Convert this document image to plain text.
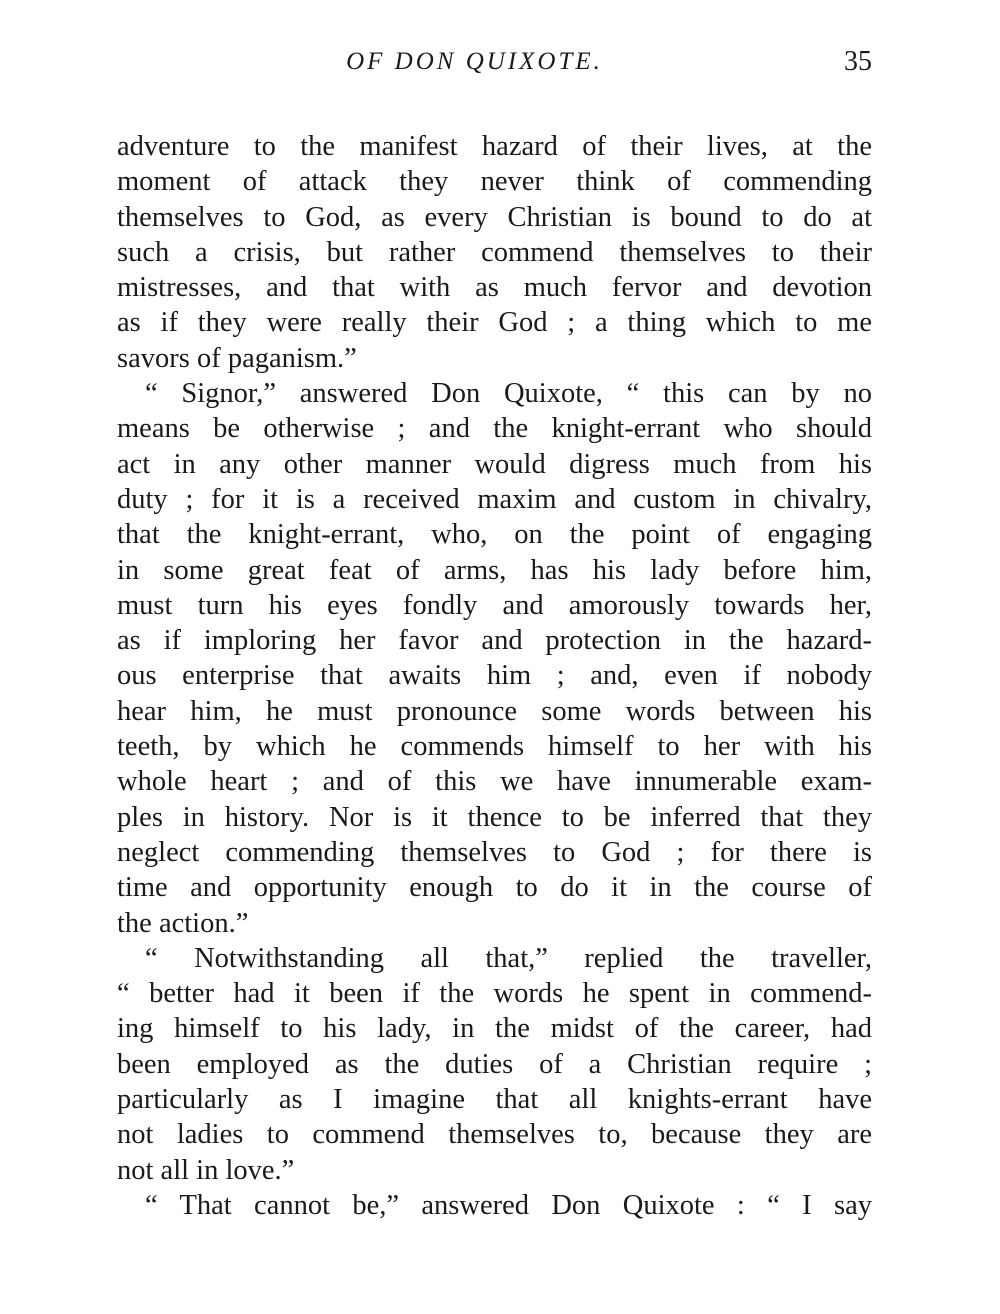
OF DON QUIXOTE.	35
adventure to the manifest hazard of their lives, at the
moment of attack they never think of commending
themselves to God, as every Christian is bound to do at
such a crisis, but rather commend themselves to their
mistresses, and that with as much fervor and devotion
as if they were really their God ; a thing which to me
savors of paganism.”
“ Signor,” answered Don Quixote, “ this can by no
means be otherwise ; and the knight-errant who should
act in any other manner would digress much from his
duty ; for it is a received maxim and custom in chivalry,
that the knight-errant, who, on the point of engaging
in some great feat of arms, has his lady before him,
must turn his eyes fondly and amorously towards her,
as if imploring her favor and protection in the hazard-
ous enterprise that awaits him ; and, even if nobody
hear him, he must pronounce some words between his
teeth, by which he commends himself to her with his
whole heart ; and of this we have innumerable exam-
ples in history. Nor is it thence to be inferred that they
neglect commending themselves to God ; for there is
time and opportunity enough to do it in the course of
the action.”
“ Notwithstanding all that,” replied the traveller,
“ better had it been if the words he spent in commend-
ing himself to his lady, in the midst of the career, had
been employed as the duties of a Christian require ;
particularly as I imagine that all knights-errant have
not ladies to commend themselves to, because they are
not all in love.”
“ That cannot be,” answered Don Quixote : “ I say
